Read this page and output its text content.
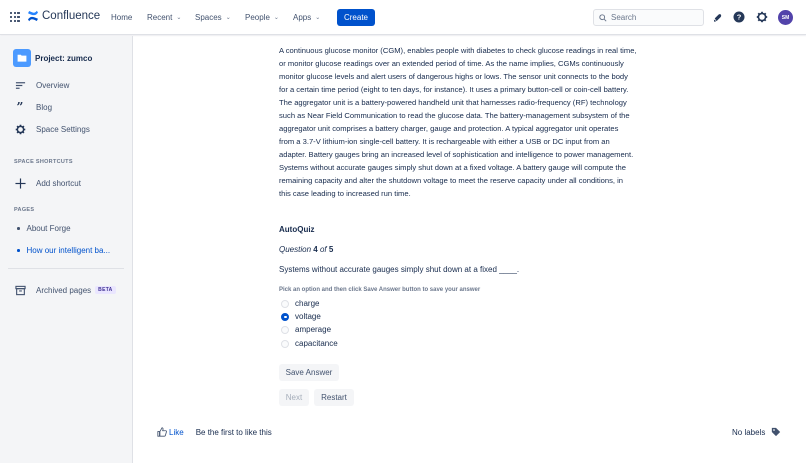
Confluence Home Recent ⌄ Spaces ⌄ People ⌄ Apps ⌄	Create	Search	?	SM
Project: zumco
Overview
”	Blog
Space Settings
SPACE SHORTCUTS
Add shortcut
PAGES
About Forge
How our intelligent ba...
Archived pages	BETA
A continuous glucose monitor (CGM), enables people with diabetes to check glucose readings in real time,
or monitor glucose readings over an extended period of time. As the name implies, CGMs continuously
monitor glucose levels and alert users of dangerous highs or lows. The sensor unit connects to the body
for a certain time period (eight to ten days, for instance). It uses a primary button-cell or coin-cell battery.
The aggregator unit is a battery-powered handheld unit that harnesses radio-frequency (RF) technology
such as Near Field Communication to read the glucose data. The battery-management subsystem of the
aggregator unit comprises a battery charger, gauge and protection. A typical aggregator unit operates
from a 3.7-V lithium-ion single-cell battery. It is rechargeable with either a USB or DC input from an
adapter. Battery gauges bring an increased level of sophistication and intelligence to power management.
Systems without accurate gauges simply shut down at a fixed voltage. A battery gauge will compute the
remaining capacity and alter the shutdown voltage to meet the reserve capacity under all conditions, in
this case leading to increased run time.
AutoQuiz
Question 4 of 5
Systems without accurate gauges simply shut down at a fixed ____.
Pick an option and then click Save Answer button to save your answer
charge
voltage
amperage
capacitance
Save Answer
Next	Restart
Like Be the first to like this	No labels
